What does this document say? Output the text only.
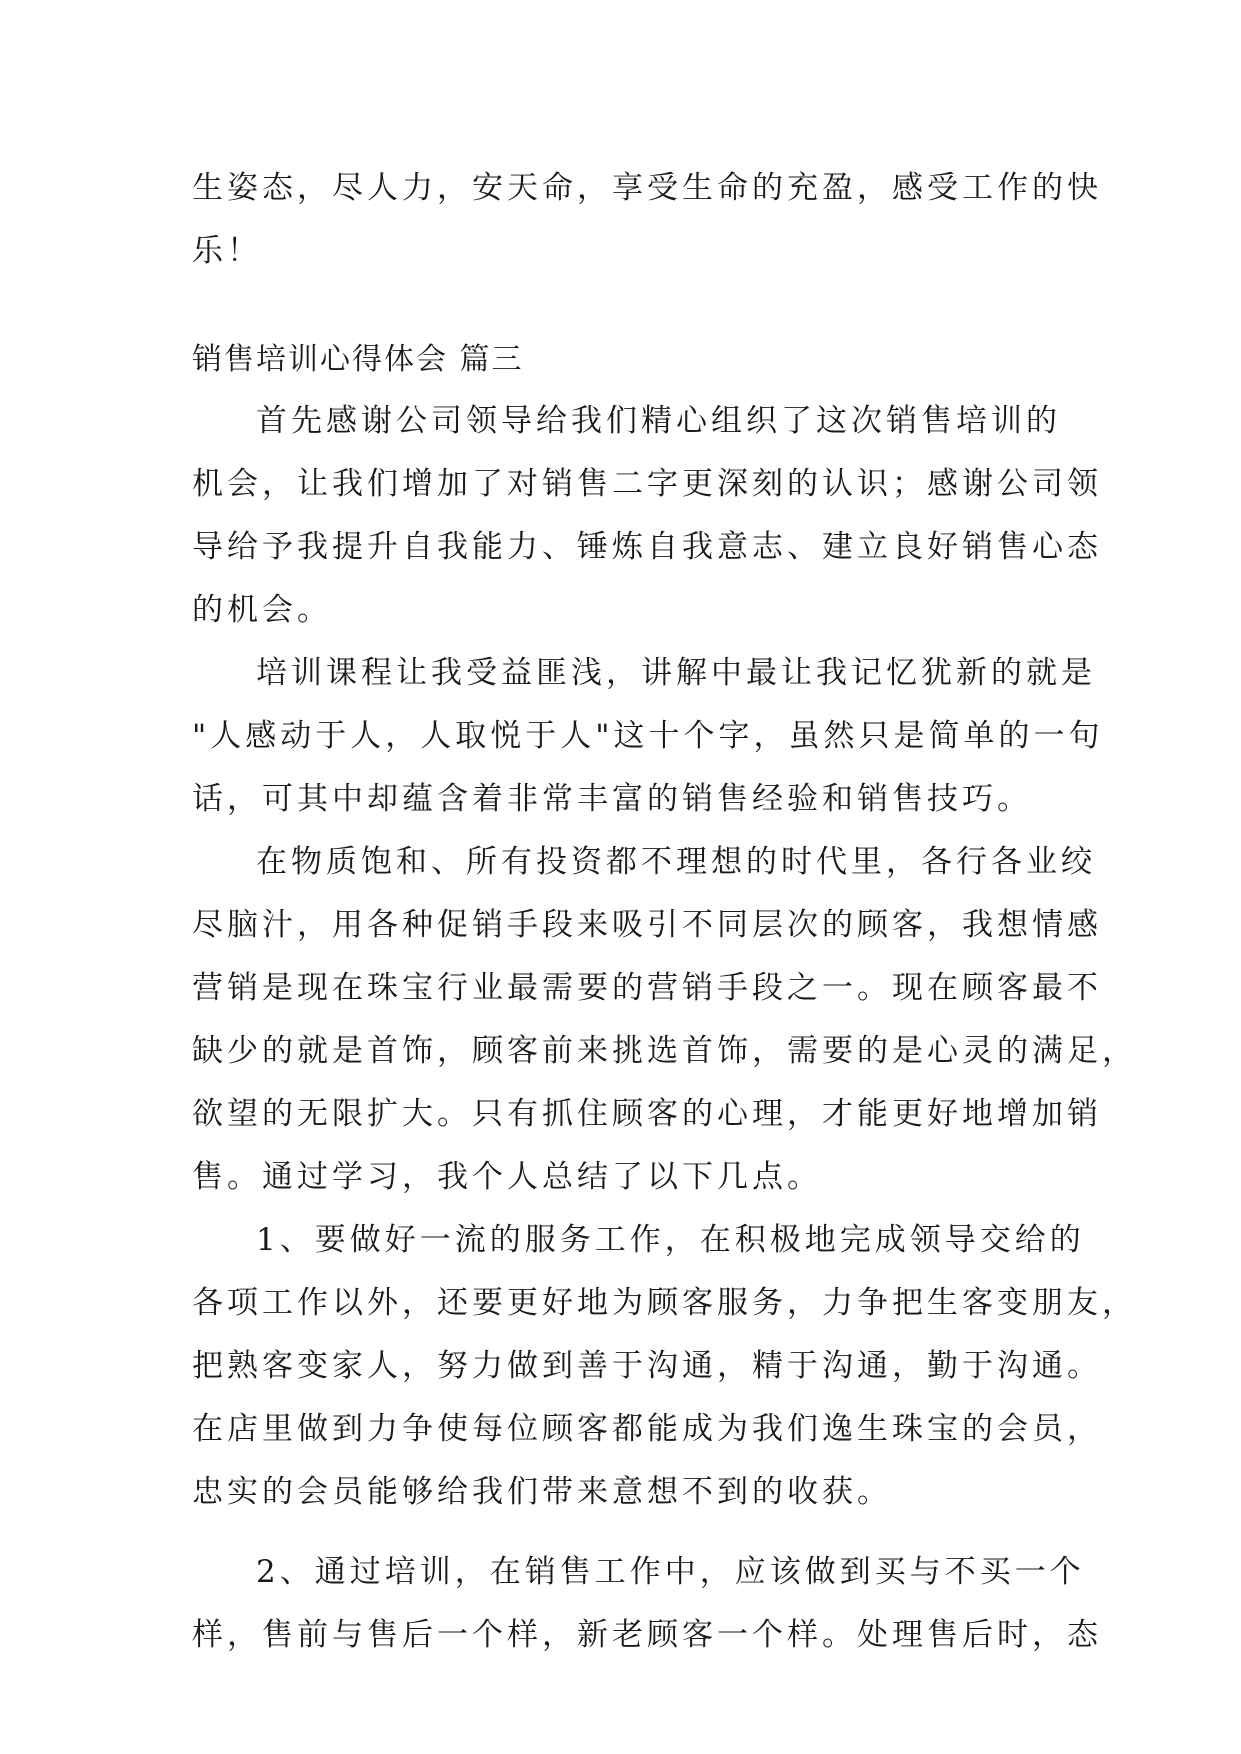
生姿态，尽人力，安天命，享受生命的充盈，感受工作的快
乐！
销售培训心得体会 篇三
首先感谢公司领导给我们精心组织了这次销售培训的
机会，让我们增加了对销售二字更深刻的认识；感谢公司领
导给予我提升自我能力、锤炼自我意志、建立良好销售心态
的机会。
培训课程让我受益匪浅，讲解中最让我记忆犹新的就是
"人感动于人，人取悦于人"这十个字，虽然只是简单的一句
话，可其中却蕴含着非常丰富的销售经验和销售技巧。
在物质饱和、所有投资都不理想的时代里，各行各业绞
尽脑汁，用各种促销手段来吸引不同层次的顾客，我想情感
营销是现在珠宝行业最需要的营销手段之一。现在顾客最不
缺少的就是首饰，顾客前来挑选首饰，需要的是心灵的满足，
欲望的无限扩大。只有抓住顾客的心理，才能更好地增加销
售。通过学习，我个人总结了以下几点。
1、要做好一流的服务工作，在积极地完成领导交给的
各项工作以外，还要更好地为顾客服务，力争把生客变朋友，
把熟客变家人，努力做到善于沟通，精于沟通，勤于沟通。
在店里做到力争使每位顾客都能成为我们逸生珠宝的会员，
忠实的会员能够给我们带来意想不到的收获。
2、通过培训，在销售工作中，应该做到买与不买一个
样，售前与售后一个样，新老顾客一个样。处理售后时，态
